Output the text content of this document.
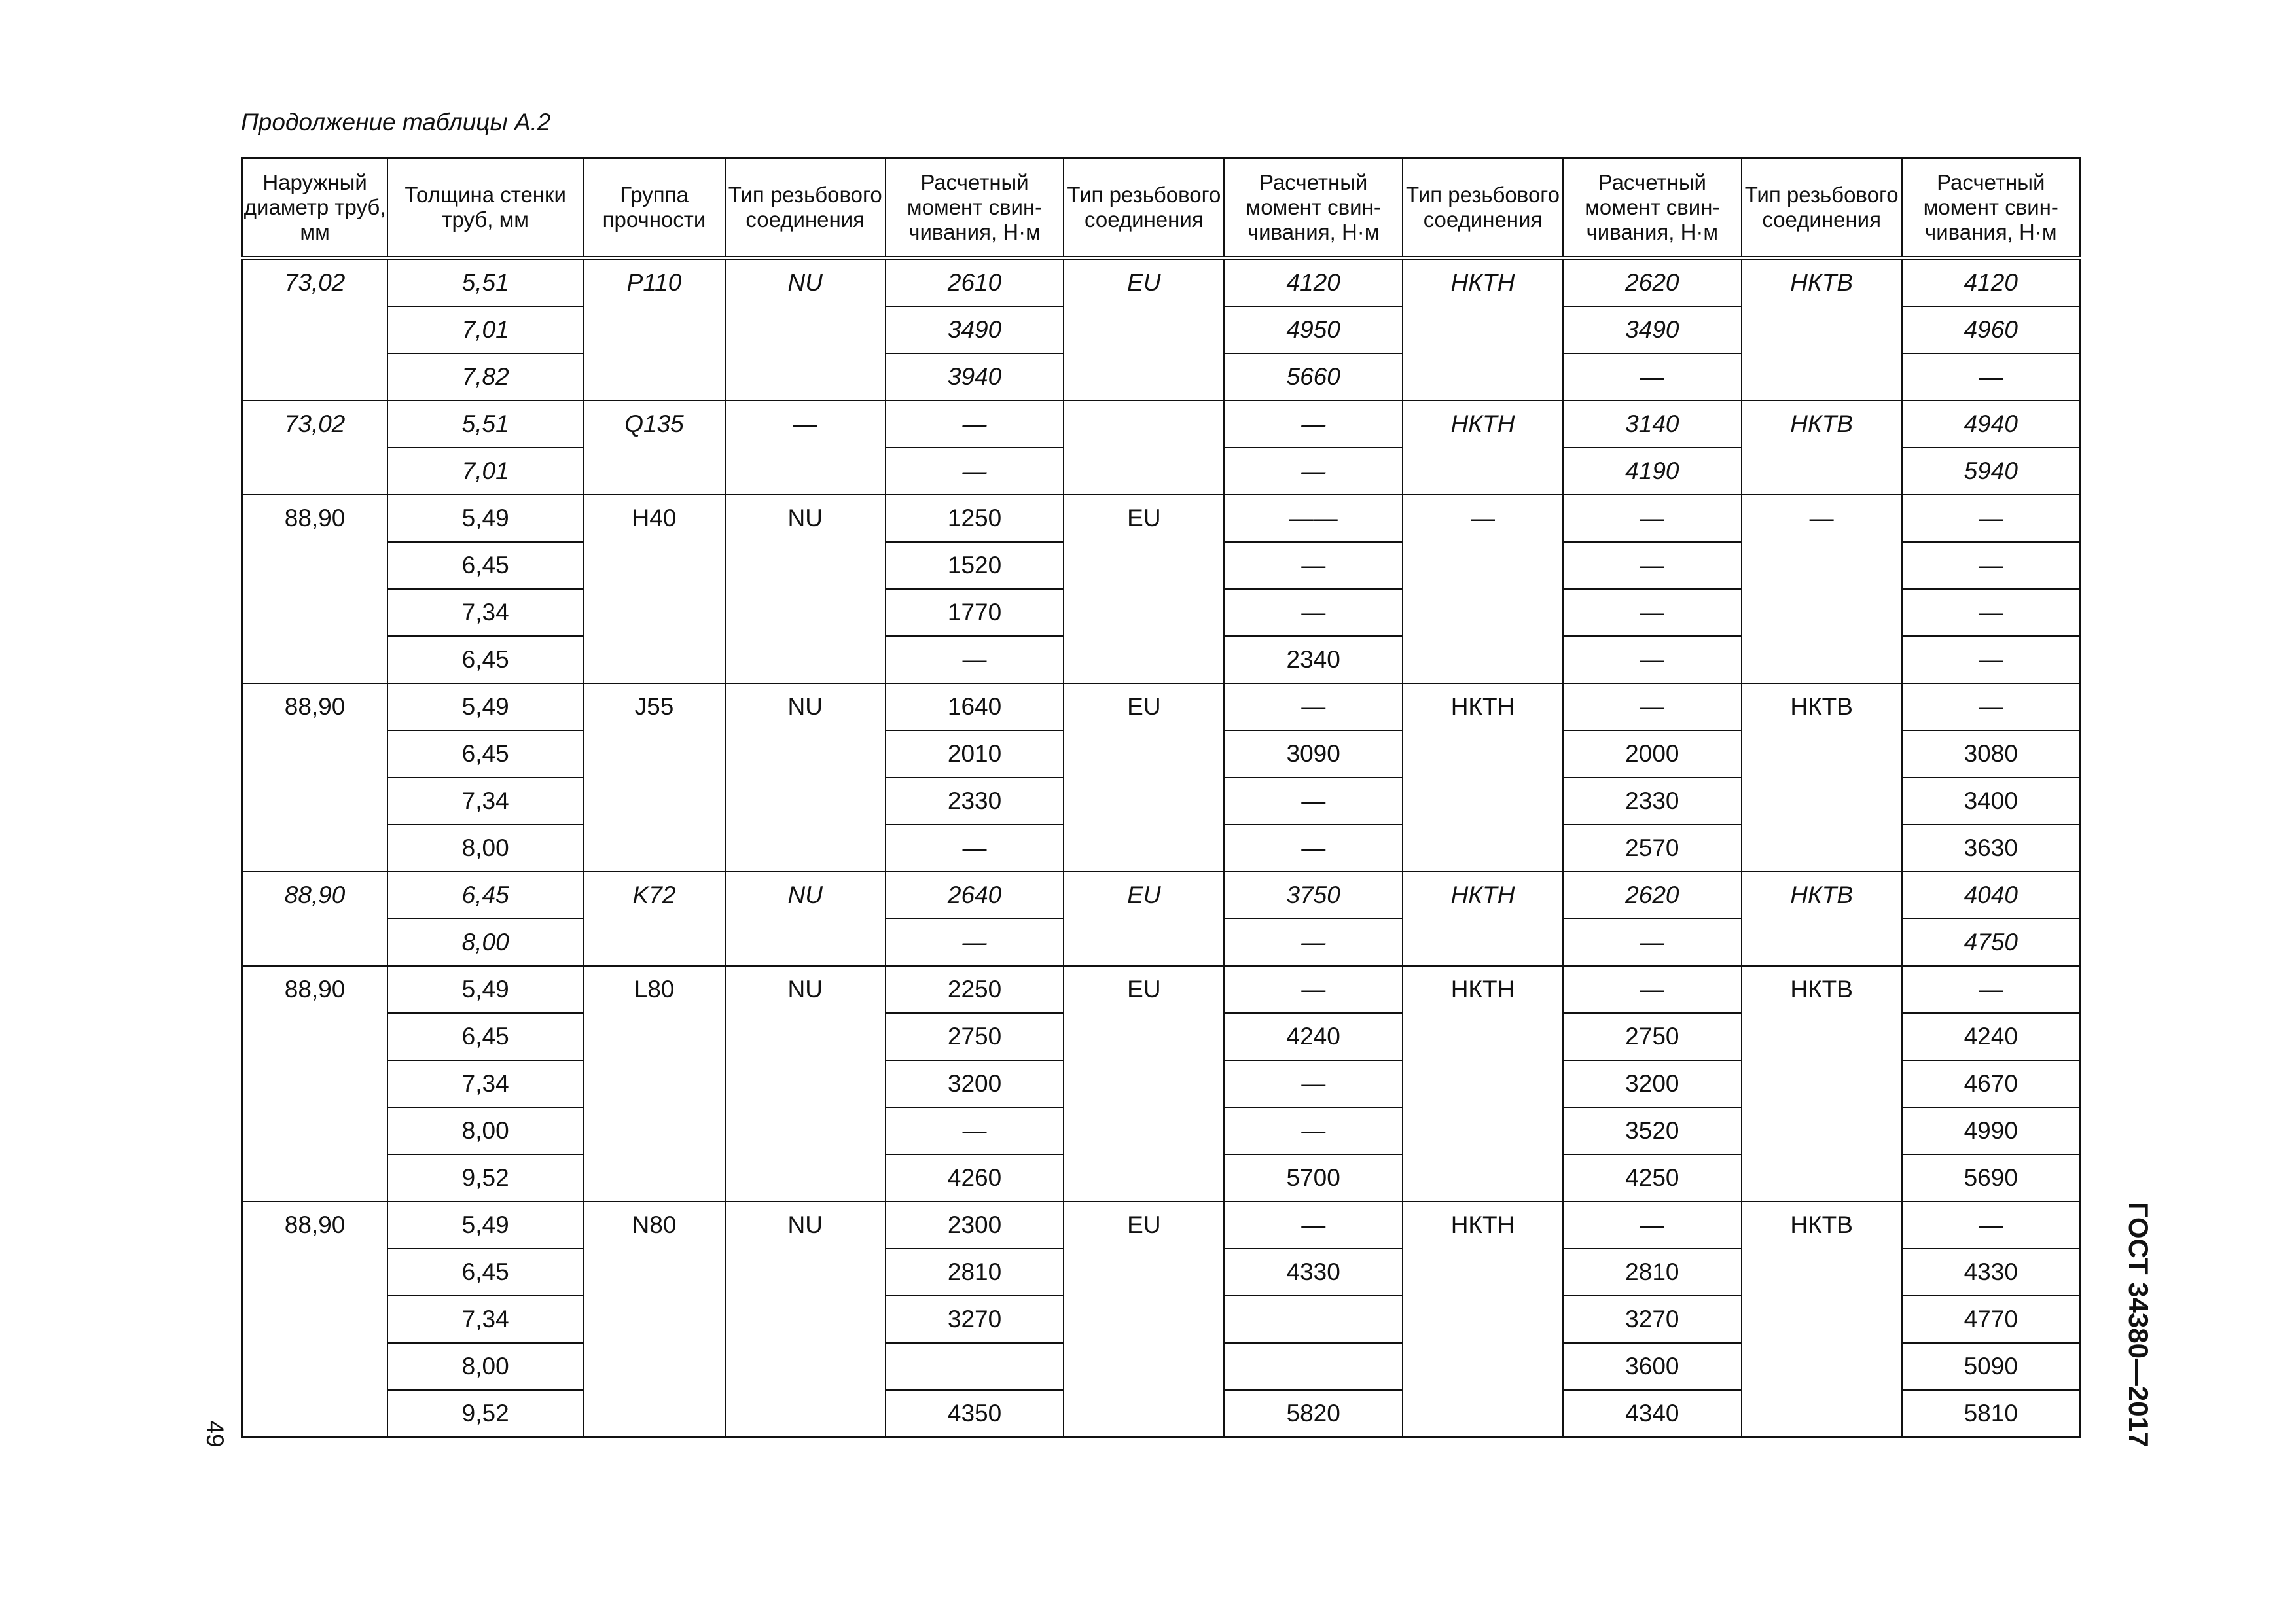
Продолжение таблицы А.2
Наружный диаметр труб, мм	Толщина стенки труб, мм	Группа прочности	Тип резьбового соединения	Расчетный момент свин-чивания, Н·м	Тип резьбового соединения	Расчетный момент свин-чивания, Н·м	Тип резьбового соединения	Расчетный момент свин-чивания, Н·м	Тип резьбового соединения	Расчетный момент свин-чивания, Н·м
73,02	5,51	P110	NU	2610	EU	4120	НКТН	2620	НКТВ	4120
	7,01			3490		4950		3490		4960
	7,82			3940		5660		—		—
73,02	5,51	Q135	—	—		—	НКТН	3140	НКТВ	4940
	7,01			—		—		4190		5940
88,90	5,49	H40	NU	1250	EU	——	—	—	—	—
	6,45			1520		—		—		—
	7,34			1770		—		—		—
	6,45			—		2340		—		—
88,90	5,49	J55	NU	1640	EU	—	НКТН	—	НКТВ	—
	6,45			2010		3090		2000		3080
	7,34			2330		—		2330		3400
	8,00			—		—		2570		3630
88,90	6,45	K72	NU	2640	EU	3750	НКТН	2620	НКТВ	4040
	8,00			—		—		—		4750
88,90	5,49	L80	NU	2250	EU	—	НКТН	—	НКТВ	—
	6,45			2750		4240		2750		4240
	7,34			3200		—		3200		4670
	8,00			—		—		3520		4990
	9,52			4260		5700		4250		5690
88,90	5,49	N80	NU	2300	EU	—	НКТН	—	НКТВ	—
	6,45			2810		4330		2810		4330
	7,34			3270				3270		4770
	8,00							3600		5090
	9,52			4350		5820		4340		5810	ГОСТ 34380—2017
49
